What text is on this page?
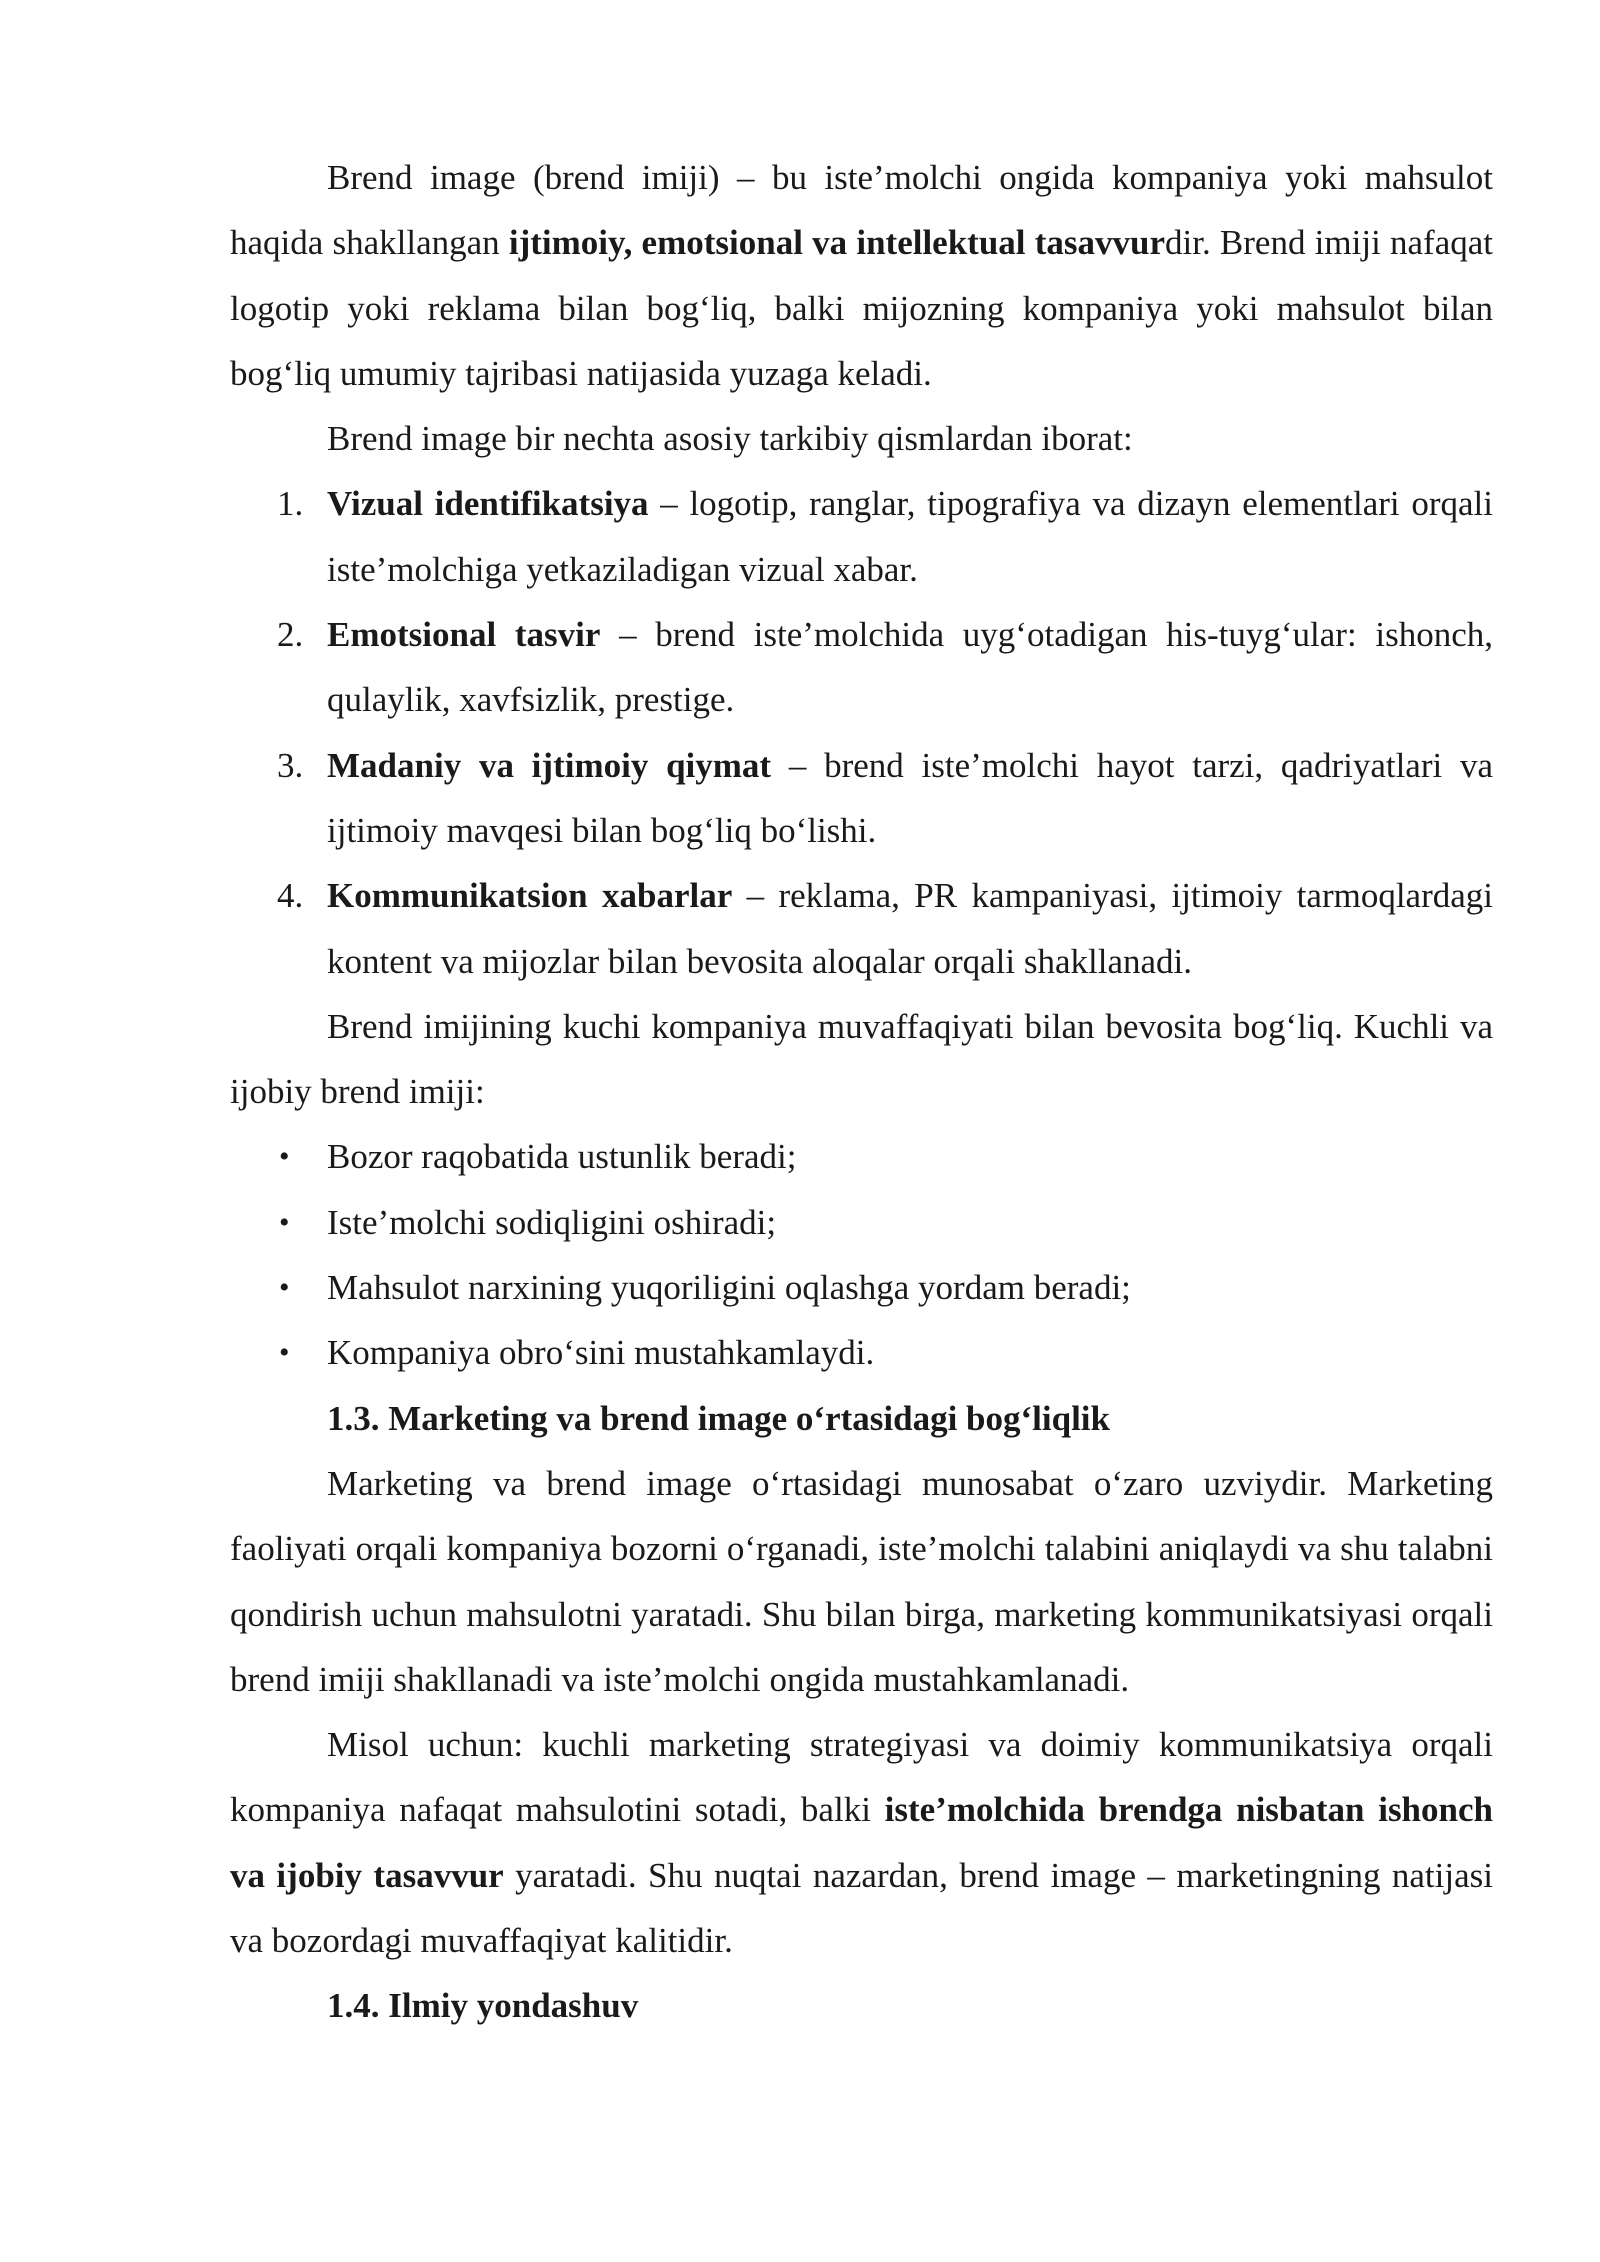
Brend image (brend imiji) – bu iste’molchi ongida kompaniya yoki mahsulot haqida shakllangan ijtimoiy, emotsional va intellektual tasavvurdir. Brend imiji nafaqat logotip yoki reklama bilan bog‘liq, balki mijozning kompaniya yoki mahsulot bilan bog‘liq umumiy tajribasi natijasida yuzaga keladi.

Brend image bir nechta asosiy tarkibiy qismlardan iborat:

1. Vizual identifikatsiya – logotip, ranglar, tipografiya va dizayn elementlari orqali iste’molchiga yetkaziladigan vizual xabar.
2. Emotsional tasvir – brend iste’molchida uyg‘otadigan his-tuyg‘ular: ishonch, qulaylik, xavfsizlik, prestige.
3. Madaniy va ijtimoiy qiymat – brend iste’molchi hayot tarzi, qadriyatlari va ijtimoiy mavqesi bilan bog‘liq bo‘lishi.
4. Kommunikatsion xabarlar – reklama, PR kampaniyasi, ijtimoiy tarmoqlardagi kontent va mijozlar bilan bevosita aloqalar orqali shakllanadi.

Brend imijining kuchi kompaniya muvaffaqiyati bilan bevosita bog‘liq. Kuchli va ijobiy brend imiji:

• Bozor raqobatida ustunlik beradi;
• Iste’molchi sodiqligini oshiradi;
• Mahsulot narxining yuqoriligini oqlashga yordam beradi;
• Kompaniya obro‘sini mustahkamlaydi.
1.3. Marketing va brend image o‘rtasidagi bog‘liqlik

Marketing va brend image o‘rtasidagi munosabat o‘zaro uzviydir. Marketing faoliyati orqali kompaniya bozorni o‘rganadi, iste’molchi talabini aniqlaydi va shu talabni qondirish uchun mahsulotni yaratadi. Shu bilan birga, marketing kommunikatsiyasi orqali brend imiji shakllanadi va iste’molchi ongida mustahkamlanadi.

Misol uchun: kuchli marketing strategiyasi va doimiy kommunikatsiya orqali kompaniya nafaqat mahsulotini sotadi, balki iste’molchida brendga nisbatan ishonch va ijobiy tasavvur yaratadi. Shu nuqtai nazardan, brend image – marketingning natijasi va bozordagi muvaffaqiyat kalitidir.

1.4. Ilmiy yondashuv
